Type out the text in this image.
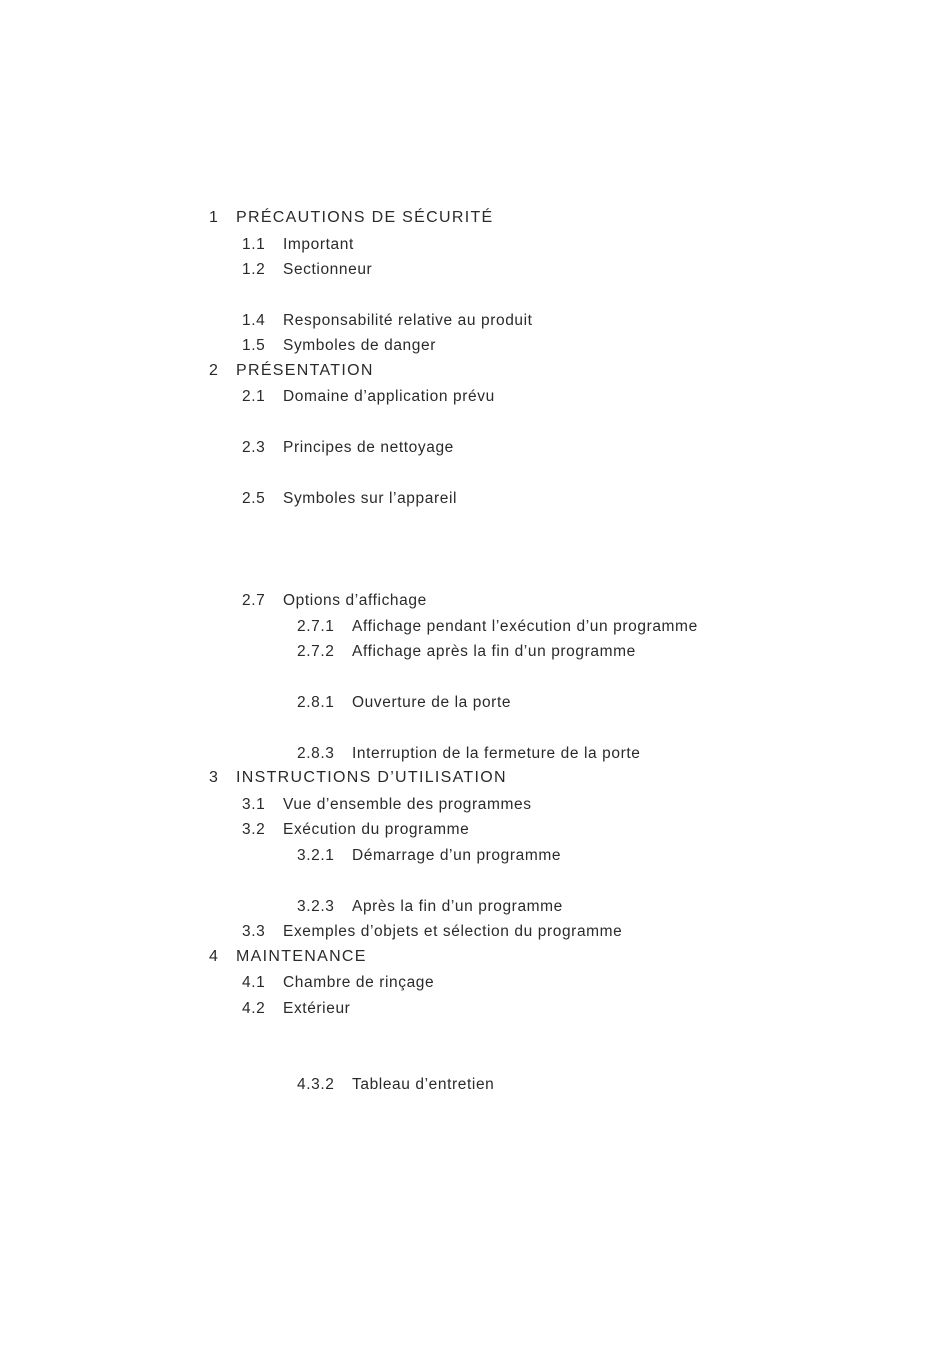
1 PRÉCAUTIONS DE SÉCURITÉ
1.1 Important
1.2 Sectionneur
1.4 Responsabilité relative au produit
1.5 Symboles de danger
2 PRÉSENTATION
2.1 Domaine d’application prévu
2.3 Principes de nettoyage
2.5 Symboles sur l’appareil
2.7 Options d’affichage
2.7.1 Affichage pendant l’exécution d’un programme
2.7.2 Affichage après la fin d’un programme
2.8.1 Ouverture de la porte
2.8.3 Interruption de la fermeture de la porte
3 INSTRUCTIONS D’UTILISATION
3.1 Vue d’ensemble des programmes
3.2 Exécution du programme
3.2.1 Démarrage d’un programme
3.2.3 Après la fin d’un programme
3.3 Exemples d’objets et sélection du programme
4 MAINTENANCE
4.1 Chambre de rinçage
4.2 Extérieur
4.3.2 Tableau d’entretien
